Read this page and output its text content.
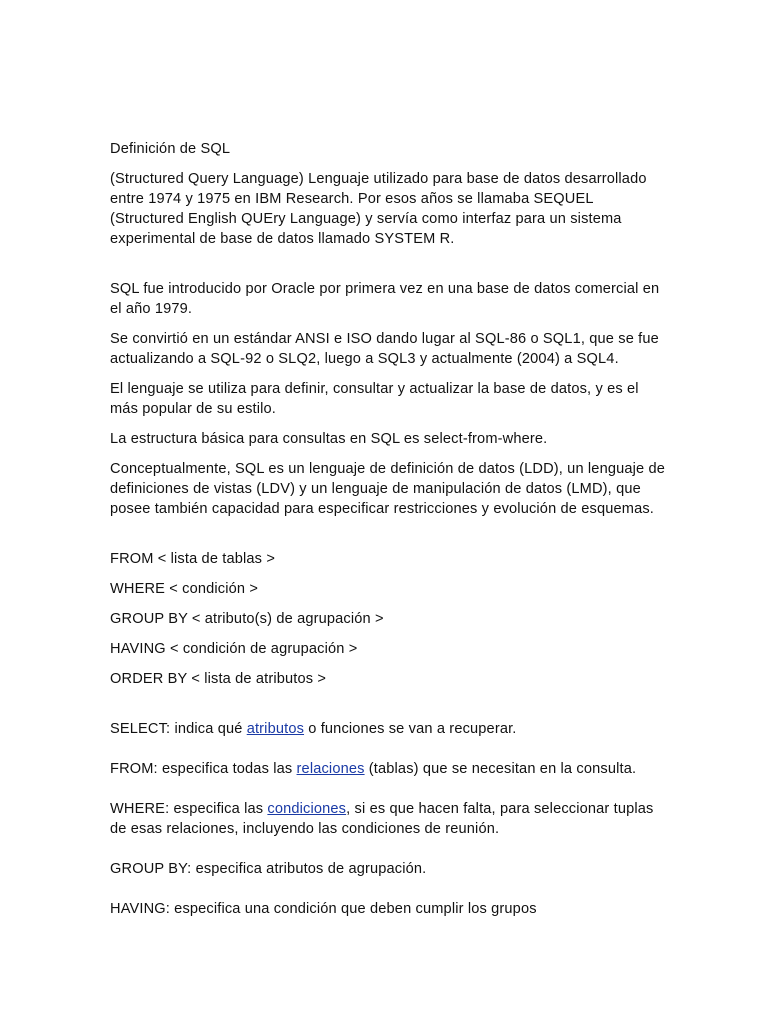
Definición de SQL

(Structured Query Language) Lenguaje utilizado para base de datos desarrollado entre 1974 y 1975 en IBM Research. Por esos años se llamaba SEQUEL (Structured English QUEry Language) y servía como interfaz para un sistema experimental de base de datos llamado SYSTEM R.

SQL fue introducido por Oracle por primera vez en una base de datos comercial en el año 1979.

Se convirtió en un estándar ANSI e ISO dando lugar al SQL-86 o SQL1, que se fue actualizando a SQL-92 o SLQ2, luego a SQL3 y actualmente (2004) a SQL4.

El lenguaje se utiliza para definir, consultar y actualizar la base de datos, y es el más popular de su estilo.

La estructura básica para consultas en SQL es select-from-where.

Conceptualmente, SQL es un lenguaje de definición de datos (LDD), un lenguaje de definiciones de vistas (LDV) y un lenguaje de manipulación de datos (LMD), que posee también capacidad para especificar restricciones y evolución de esquemas.

FROM < lista de tablas >

WHERE < condición >

GROUP BY < atributo(s) de agrupación >

HAVING < condición de agrupación >

ORDER BY < lista de atributos >

SELECT: indica qué atributos o funciones se van a recuperar.

FROM: especifica todas las relaciones (tablas) que se necesitan en la consulta.

WHERE: especifica las condiciones, si es que hacen falta, para seleccionar tuplas de esas relaciones, incluyendo las condiciones de reunión.

GROUP BY: especifica atributos de agrupación.

HAVING: especifica una condición que deben cumplir los grupos
